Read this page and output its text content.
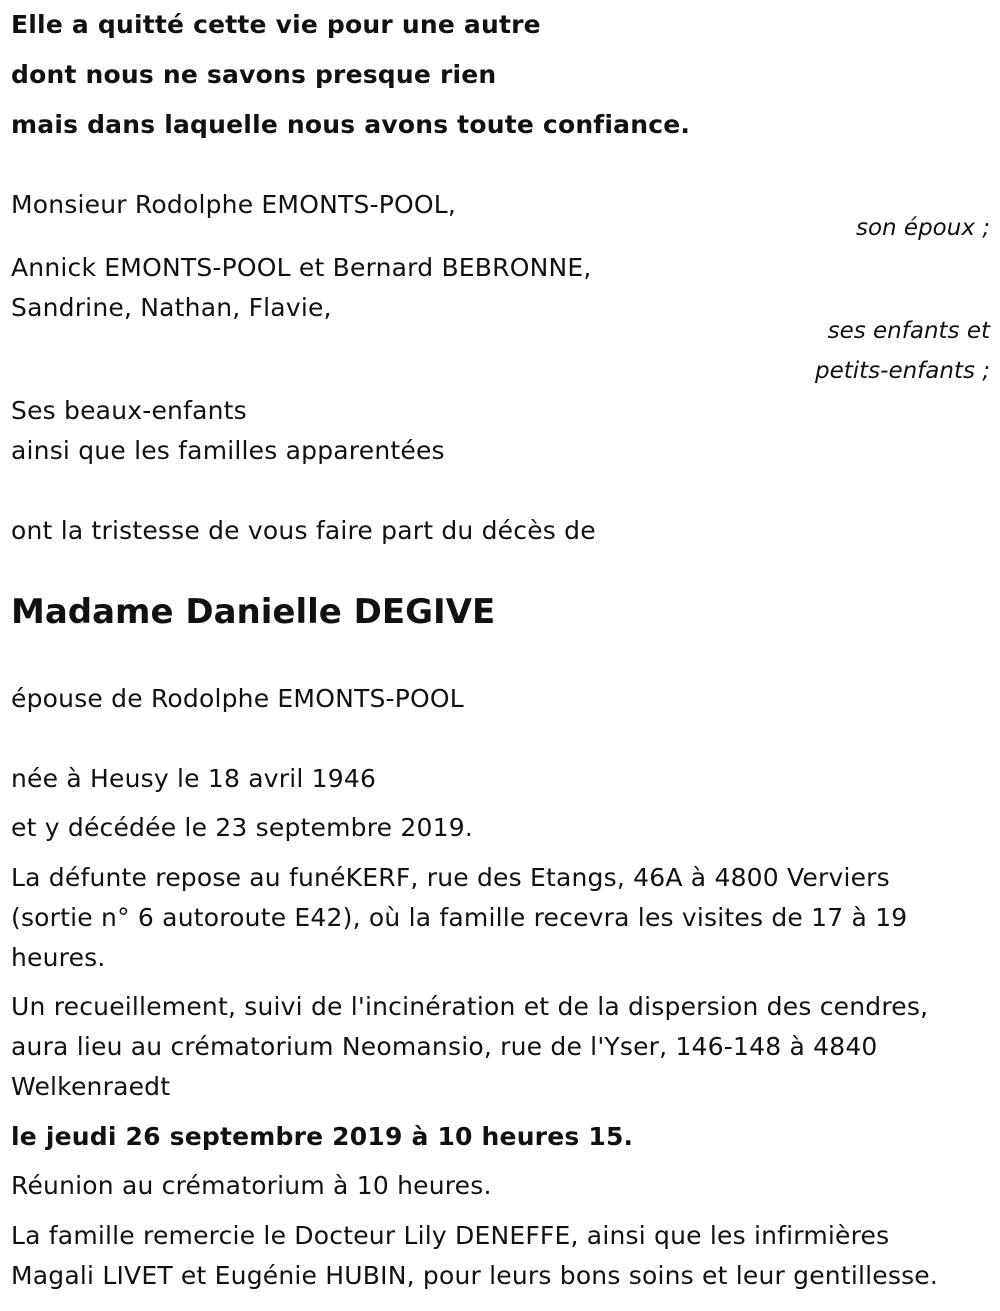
Elle a quitté cette vie pour une autre
dont nous ne savons presque rien
mais dans laquelle nous avons toute confiance.
Monsieur Rodolphe EMONTS-POOL,
son époux ;
Annick EMONTS-POOL et Bernard BEBRONNE,
Sandrine, Nathan, Flavie,
ses enfants et
petits-enfants ;
Ses beaux-enfants
ainsi que les familles apparentées
ont la tristesse de vous faire part du décès de
Madame Danielle DEGIVE
épouse de Rodolphe EMONTS-POOL
née à Heusy le 18 avril 1946
et y décédée le 23 septembre 2019.
La défunte repose au funéKERF, rue des Etangs, 46A à 4800 Verviers
(sortie n° 6 autoroute E42), où la famille recevra les visites de 17 à 19
heures.
Un recueillement, suivi de l'incinération et de la dispersion des cendres,
aura lieu au crématorium Neomansio, rue de l'Yser, 146-148 à 4840
Welkenraedt
le jeudi 26 septembre 2019 à 10 heures 15.
Réunion au crématorium à 10 heures.
La famille remercie le Docteur Lily DENEFFE, ainsi que les infirmières
Magali LIVET et Eugénie HUBIN, pour leurs bons soins et leur gentillesse.
